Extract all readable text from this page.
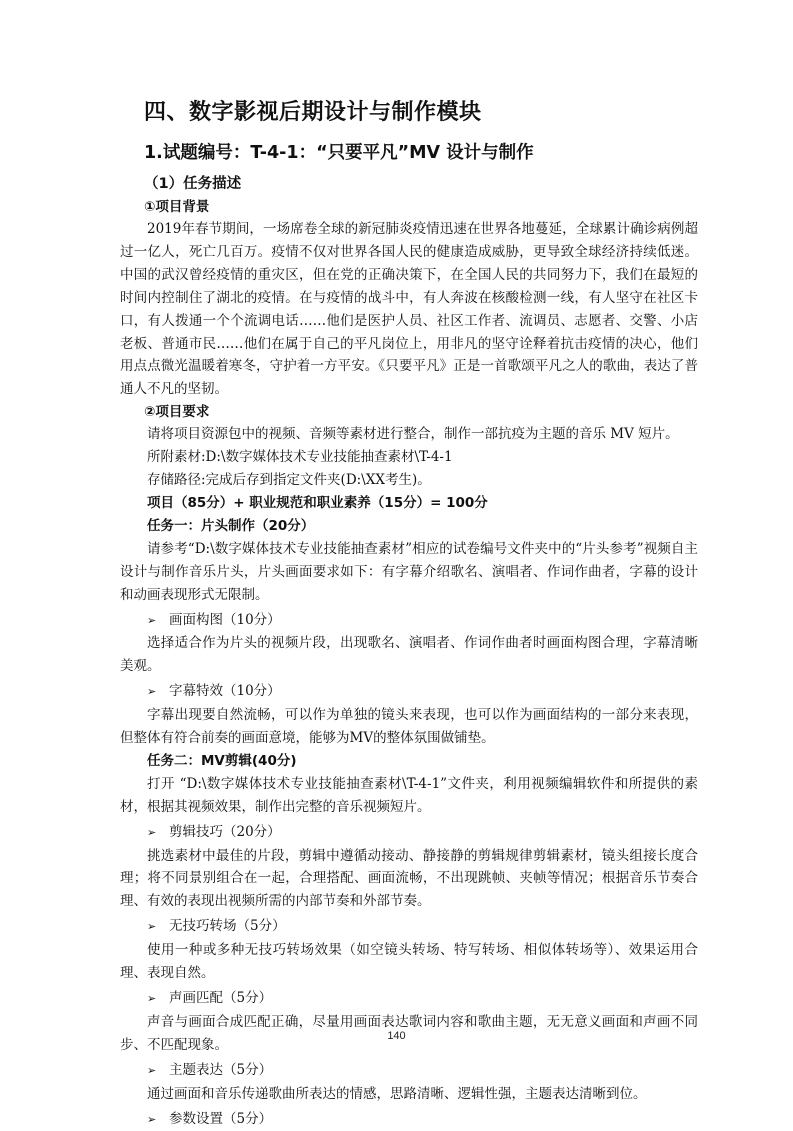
四、数字影视后期设计与制作模块
1.试题编号：T-4-1：“只要平凡”MV 设计与制作
（1）任务描述
①项目背景

2019年春节期间，一场席卷全球的新冠肺炎疫情迅速在世界各地蔓延，全球累计确诊病例超过一亿人，死亡几百万。疫情不仅对世界各国人民的健康造成威胁，更导致全球经济持续低迷。中国的武汉曾经疫情的重灾区，但在党的正确决策下，在全国人民的共同努力下，我们在最短的时间内控制住了湖北的疫情。在与疫情的战斗中，有人奔波在核酸检测一线，有人坚守在社区卡口，有人拨通一个个流调电话……他们是医护人员、社区工作者、流调员、志愿者、交警、小店老板、普通市民……他们在属于自己的平凡岗位上，用非凡的坚守诠释着抗击疫情的决心，他们用点点微光温暖着寒冬，守护着一方平安。《只要平凡》正是一首歌颂平凡之人的歌曲，表达了普通人不凡的坚韧。

②项目要求

请将项目资源包中的视频、音频等素材进行整合，制作一部抗疫为主题的音乐 MV 短片。

所附素材:D:\数字媒体技术专业技能抽查素材\T-4-1

存储路径:完成后存到指定文件夹(D:\XX考生)。

项目（85分）+ 职业规范和职业素养（15分）= 100分
任务一：片头制作（20分）

请参考“D:\数字媒体技术专业技能抽查素材”相应的试卷编号文件夹中的“片头参考”视频自主设计与制作音乐片头，片头画面要求如下：有字幕介绍歌名、演唱者、作词作曲者，字幕的设计和动画表现形式无限制。

➢ 画面构图（10分）

选择适合作为片头的视频片段，出现歌名、演唱者、作词作曲者时画面构图合理，字幕清晰美观。

➢ 字幕特效（10分）

字幕出现要自然流畅，可以作为单独的镜头来表现，也可以作为画面结构的一部分来表现，但整体有符合前奏的画面意境，能够为MV的整体氛围做铺垫。

任务二：MV剪辑(40分)

打开 “D:\数字媒体技术专业技能抽查素材\T-4-1”文件夹，利用视频编辑软件和所提供的素材，根据其视频效果，制作出完整的音乐视频短片。

➢ 剪辑技巧（20分）

挑选素材中最佳的片段，剪辑中遵循动接动、静接静的剪辑规律剪辑素材，镜头组接长度合理；将不同景别组合在一起，合理搭配、画面流畅，不出现跳帧、夹帧等情况；根据音乐节奏合理、有效的表现出视频所需的内部节奏和外部节奏。

➢ 无技巧转场（5分）

使用一种或多种无技巧转场效果（如空镜头转场、特写转场、相似体转场等）、效果运用合理、表现自然。

➢ 声画匹配（5分）

声音与画面合成匹配正确，尽量用画面表达歌词内容和歌曲主题，无无意义画面和声画不同步、不匹配现象。

➢ 主题表达（5分）

通过画面和音乐传递歌曲所表达的情感，思路清晰、逻辑性强，主题表达清晰到位。

➢ 参数设置（5分）

140
